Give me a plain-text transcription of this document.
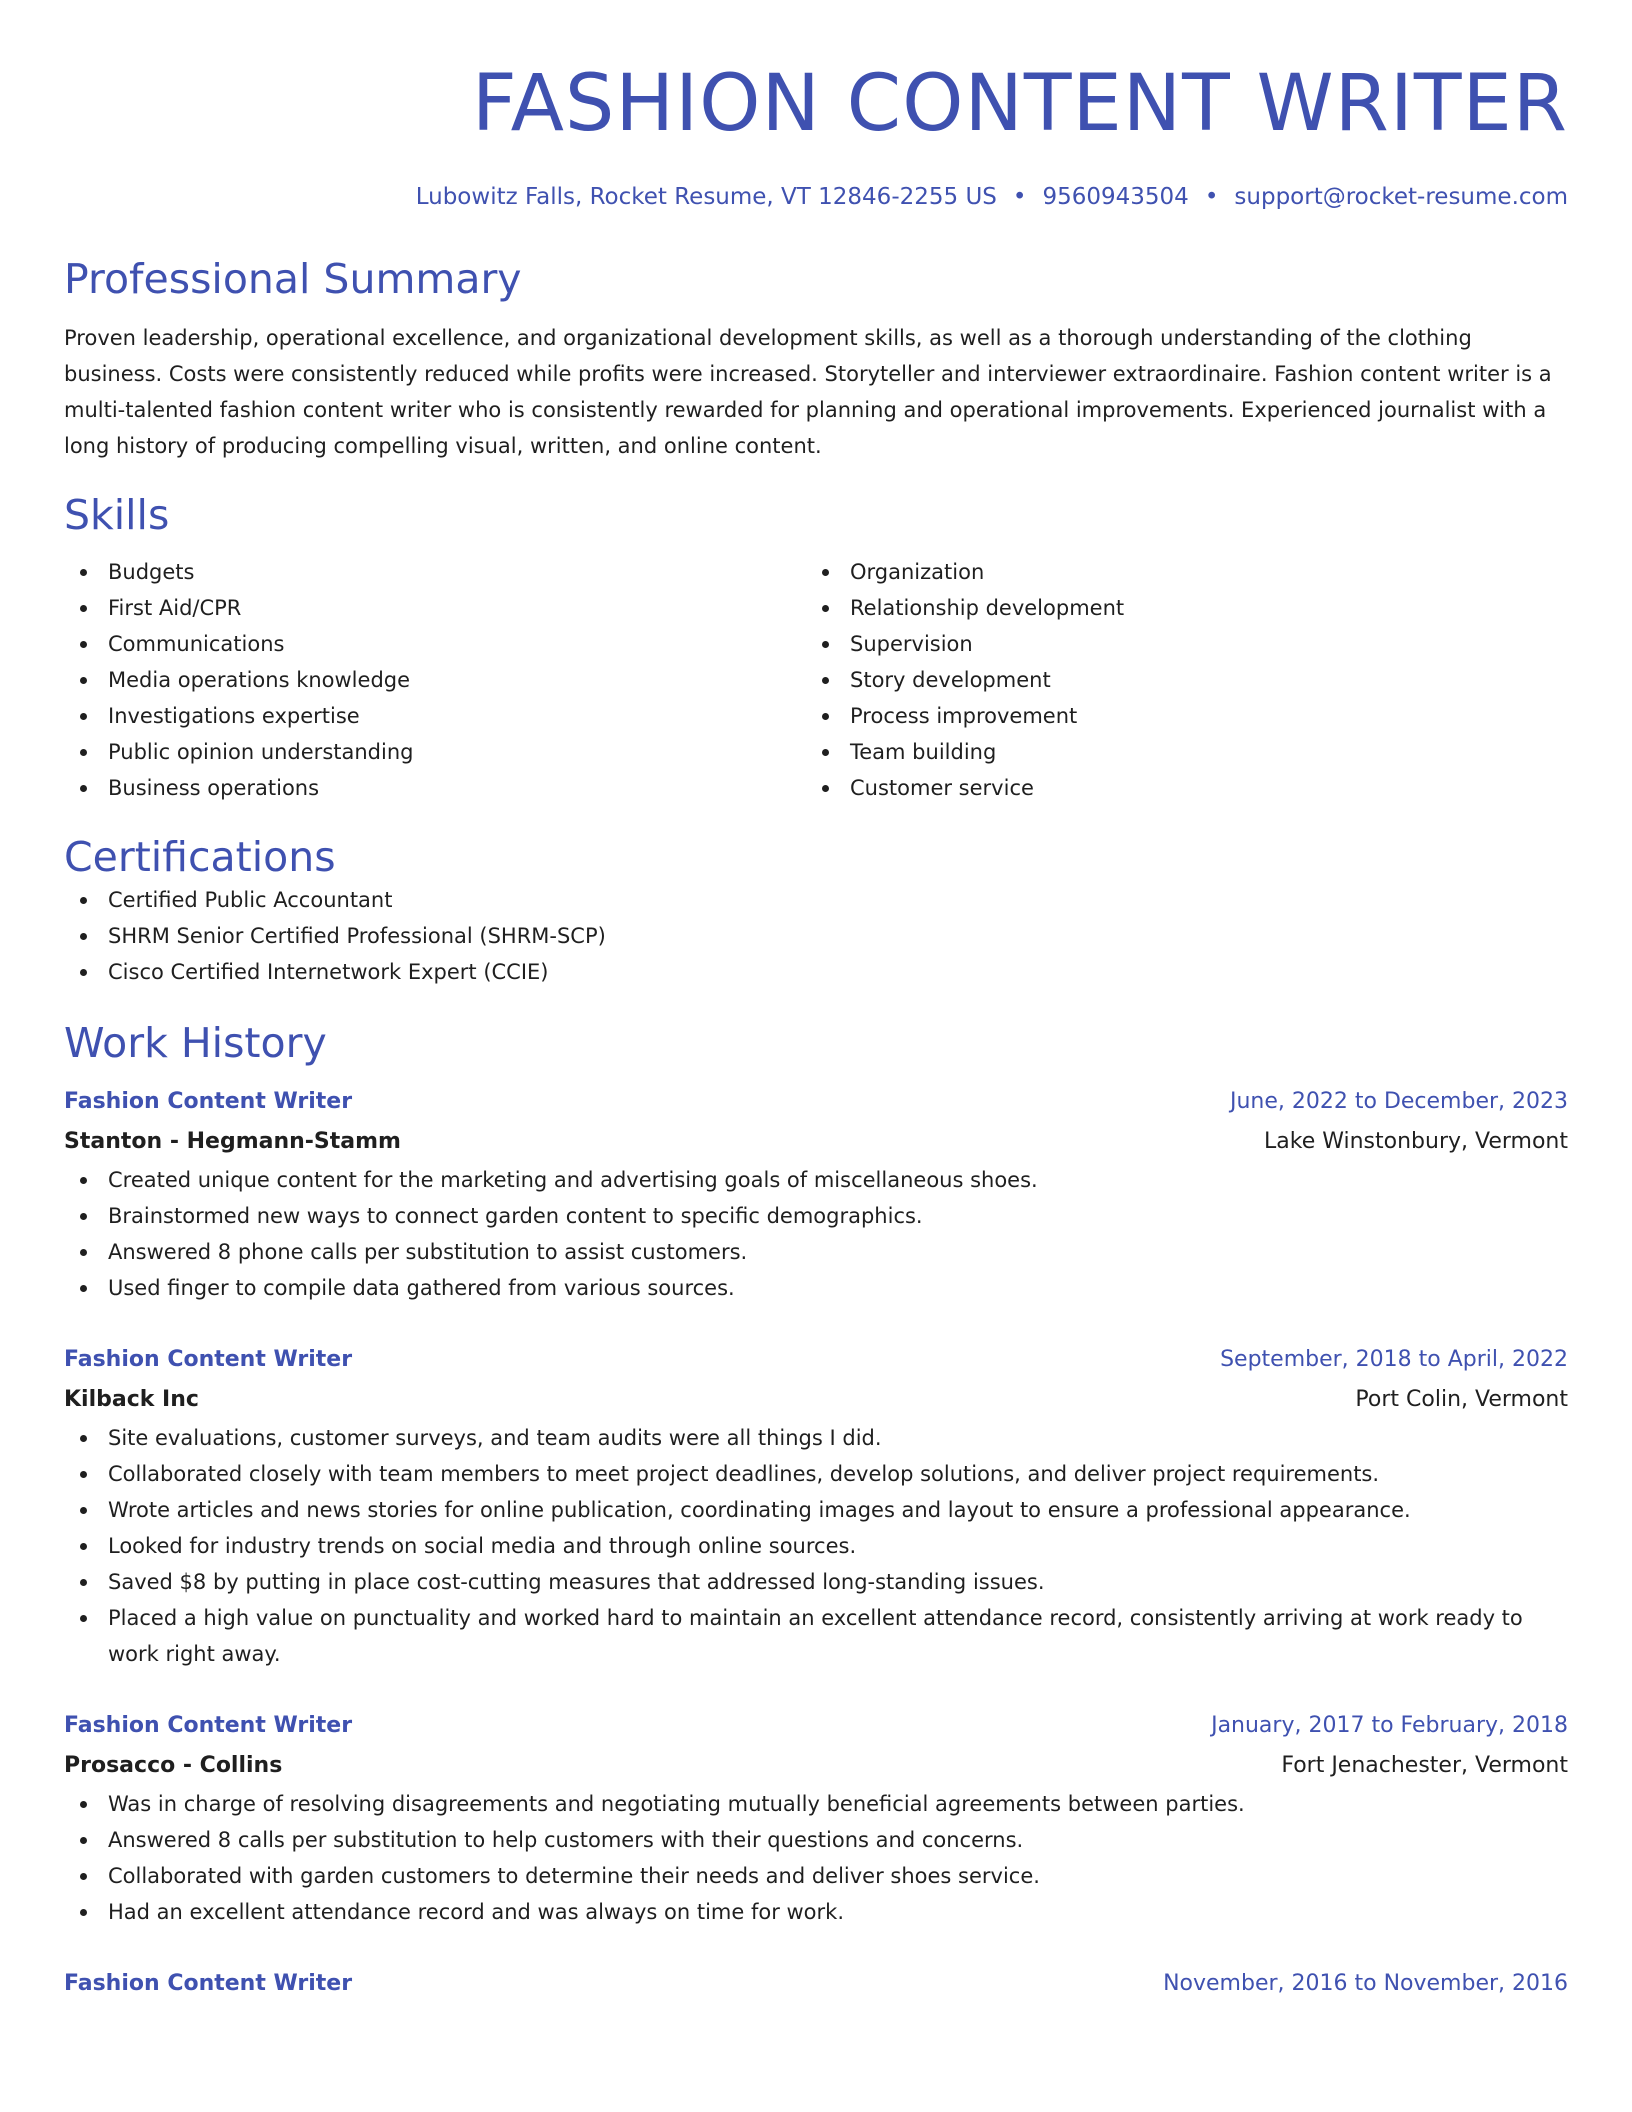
FASHION CONTENT WRITER
Lubowitz Falls, Rocket Resume, VT 12846-2255 US • 9560943504 • support@rocket-resume.com
Professional Summary
Proven leadership, operational excellence, and organizational development skills, as well as a thorough understanding of the clothing business. Costs were consistently reduced while profits were increased. Storyteller and interviewer extraordinaire. Fashion content writer is a multi-talented fashion content writer who is consistently rewarded for planning and operational improvements. Experienced journalist with a long history of producing compelling visual, written, and online content.
Skills
Budgets
First Aid/CPR
Communications
Media operations knowledge
Investigations expertise
Public opinion understanding
Business operations
Organization
Relationship development
Supervision
Story development
Process improvement
Team building
Customer service
Certifications
Certified Public Accountant
SHRM Senior Certified Professional (SHRM-SCP)
Cisco Certified Internetwork Expert (CCIE)
Work History
Fashion Content Writer	June, 2022 to December, 2023
Stanton - Hegmann-Stamm	Lake Winstonbury, Vermont
Created unique content for the marketing and advertising goals of miscellaneous shoes.
Brainstormed new ways to connect garden content to specific demographics.
Answered 8 phone calls per substitution to assist customers.
Used finger to compile data gathered from various sources.
Fashion Content Writer	September, 2018 to April, 2022
Kilback Inc	Port Colin, Vermont
Site evaluations, customer surveys, and team audits were all things I did.
Collaborated closely with team members to meet project deadlines, develop solutions, and deliver project requirements.
Wrote articles and news stories for online publication, coordinating images and layout to ensure a professional appearance.
Looked for industry trends on social media and through online sources.
Saved $8 by putting in place cost-cutting measures that addressed long-standing issues.
Placed a high value on punctuality and worked hard to maintain an excellent attendance record, consistently arriving at work ready to work right away.
Fashion Content Writer	January, 2017 to February, 2018
Prosacco - Collins	Fort Jenachester, Vermont
Was in charge of resolving disagreements and negotiating mutually beneficial agreements between parties.
Answered 8 calls per substitution to help customers with their questions and concerns.
Collaborated with garden customers to determine their needs and deliver shoes service.
Had an excellent attendance record and was always on time for work.
Fashion Content Writer	November, 2016 to November, 2016
